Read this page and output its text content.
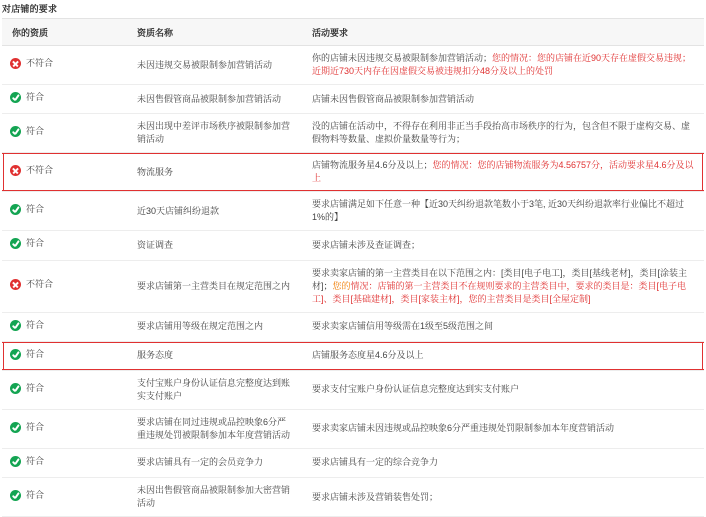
对店铺的要求
你的资质	资质名称	活动要求

不符合	未因违规交易被限制参加营销活动	你的店铺未因违规交易被限制参加营销活动；您的情况：您的店铺在近90天存在虚假交易违规；近期近730天内存在因虚假交易被违规扣分48分及以上的处罚

符合	未因售假管商品被限制参加营销活动	店铺未因售假管商品被限制参加营销活动

符合	未因出现中差评市场秩序被限制参加营销活动	没的店铺在活动中，不得存在利用非正当手段抬高市场秩序的行为，包含但不限于虚构交易、虚假物料等数量、虚拟价量数量等行为；

不符合	物流服务	店铺物流服务星4.6分及以上；您的情况：您的店铺物流服务为4.56757分，活动要求星4.6分及以上

符合	近30天店铺纠纷退款	要求店铺满足如下任意一种【近30天纠纷退款笔数小于3笔, 近30天纠纷退款率行业偏比不超过1%的】

符合	资证调查	要求店铺未涉及查证调查；

不符合	要求店铺第一主营类目在规定范围之内	要求卖家店铺的第一主营类目在以下范围之内：[类目[电子电工]，类目[基线老材]，类目[涂装主材]；您的情况：店铺的第一主营类目不在规则要求的主营类目中，要求的类目是：类目[电子电工]、类目[基础建材]，类目[家装主材]，您的主营类目是类目[全屋定制]

符合	要求店铺用等级在规定范围之内	要求卖家店铺信用等级需在1级至5级范围之间

符合	服务态度	店铺服务态度星4.6分及以上

符合	支付宝账户身份认证信息完整度达到账实支付账户	要求支付宝账户身份认证信息完整度达到实支付账户

符合	要求店铺在同过违规或品控映象6分严重违规处罚被限制参加本年度营销活动	要求卖家店铺未因违规或品控映象6分严重违规处罚限制参加本年度营销活动

符合	要求店铺具有一定的会员竞争力	要求店铺具有一定的综合竞争力

符合	未因出售假管商品被限制参加大密营销活动	要求店铺未涉及营销装售处罚；
